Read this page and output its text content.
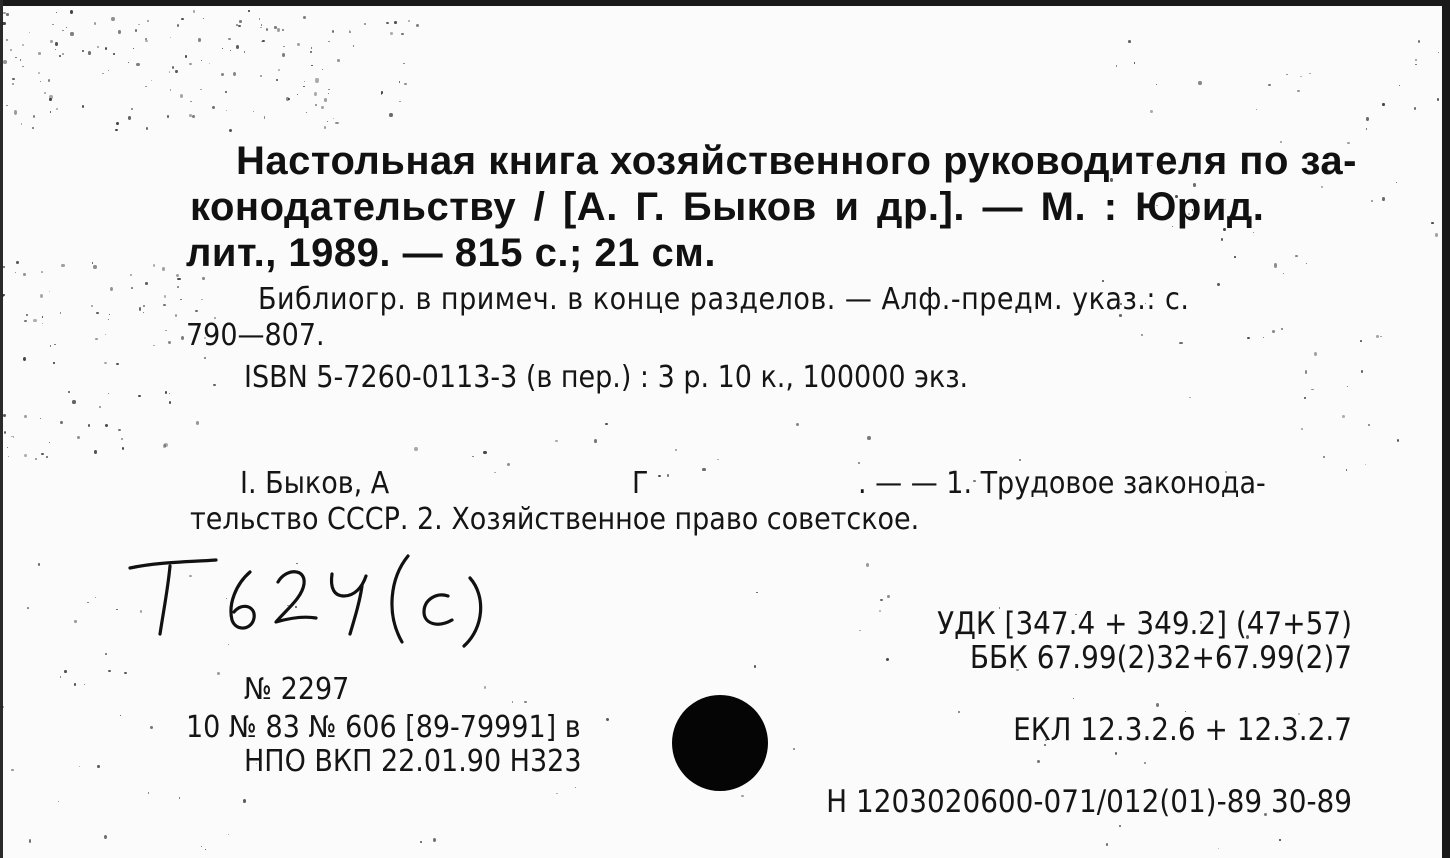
Настольная книга хозяйственного руководителя по за-
конодательству / [А. Г. Быков и др.]. — М. : Юрид.
лит., 1989. — 815 с.; 21 см.
Библиогр. в примеч. в конце разделов. — Алф.-предм. указ.: с.
790—807.
ISBN 5-7260-0113-3 (в пер.) : 3 р. 10 к., 100000 экз.
I. Быков, А	Г	. — — 1. Трудовое законода-
тельство СССР. 2. Хозяйственное право советское.
УДК [347.4 + 349.2] (47+57)
ББК 67.99(2)32+67.99(2)7
№ 2297
10 № 83 № 606 [89-79991] в
НПО ВКП 22.01.90 Н323
ЕКЛ 12.3.2.6 + 12.3.2.7
Н 1203020600-071/012(01)-89 30-89
